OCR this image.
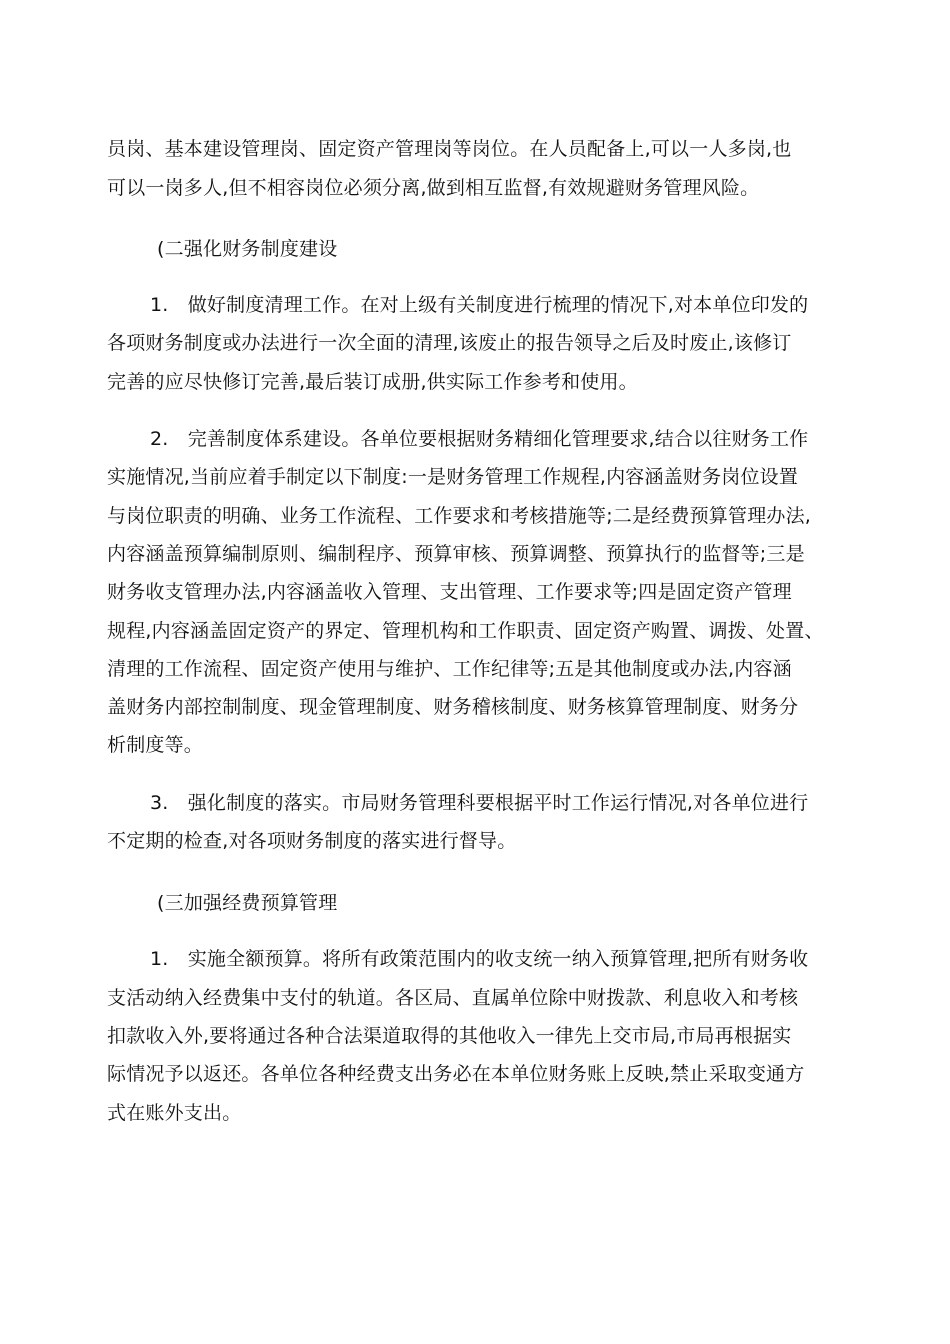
员岗、基本建设管理岗、固定资产管理岗等岗位。在人员配备上,可以一人多岗,也
可以一岗多人,但不相容岗位必须分离,做到相互监督,有效规避财务管理风险。
(二强化财务制度建设
1.　做好制度清理工作。在对上级有关制度进行梳理的情况下,对本单位印发的
各项财务制度或办法进行一次全面的清理,该废止的报告领导之后及时废止,该修订
完善的应尽快修订完善,最后装订成册,供实际工作参考和使用。
2.　完善制度体系建设。各单位要根据财务精细化管理要求,结合以往财务工作
实施情况,当前应着手制定以下制度:一是财务管理工作规程,内容涵盖财务岗位设置
与岗位职责的明确、业务工作流程、工作要求和考核措施等;二是经费预算管理办法,
内容涵盖预算编制原则、编制程序、预算审核、预算调整、预算执行的监督等;三是
财务收支管理办法,内容涵盖收入管理、支出管理、工作要求等;四是固定资产管理
规程,内容涵盖固定资产的界定、管理机构和工作职责、固定资产购置、调拨、处置、
清理的工作流程、固定资产使用与维护、工作纪律等;五是其他制度或办法,内容涵
盖财务内部控制制度、现金管理制度、财务稽核制度、财务核算管理制度、财务分
析制度等。
3.　强化制度的落实。市局财务管理科要根据平时工作运行情况,对各单位进行
不定期的检查,对各项财务制度的落实进行督导。
(三加强经费预算管理
1.　实施全额预算。将所有政策范围内的收支统一纳入预算管理,把所有财务收
支活动纳入经费集中支付的轨道。各区局、直属单位除中财拨款、利息收入和考核
扣款收入外,要将通过各种合法渠道取得的其他收入一律先上交市局,市局再根据实
际情况予以返还。各单位各种经费支出务必在本单位财务账上反映,禁止采取变通方
式在账外支出。
